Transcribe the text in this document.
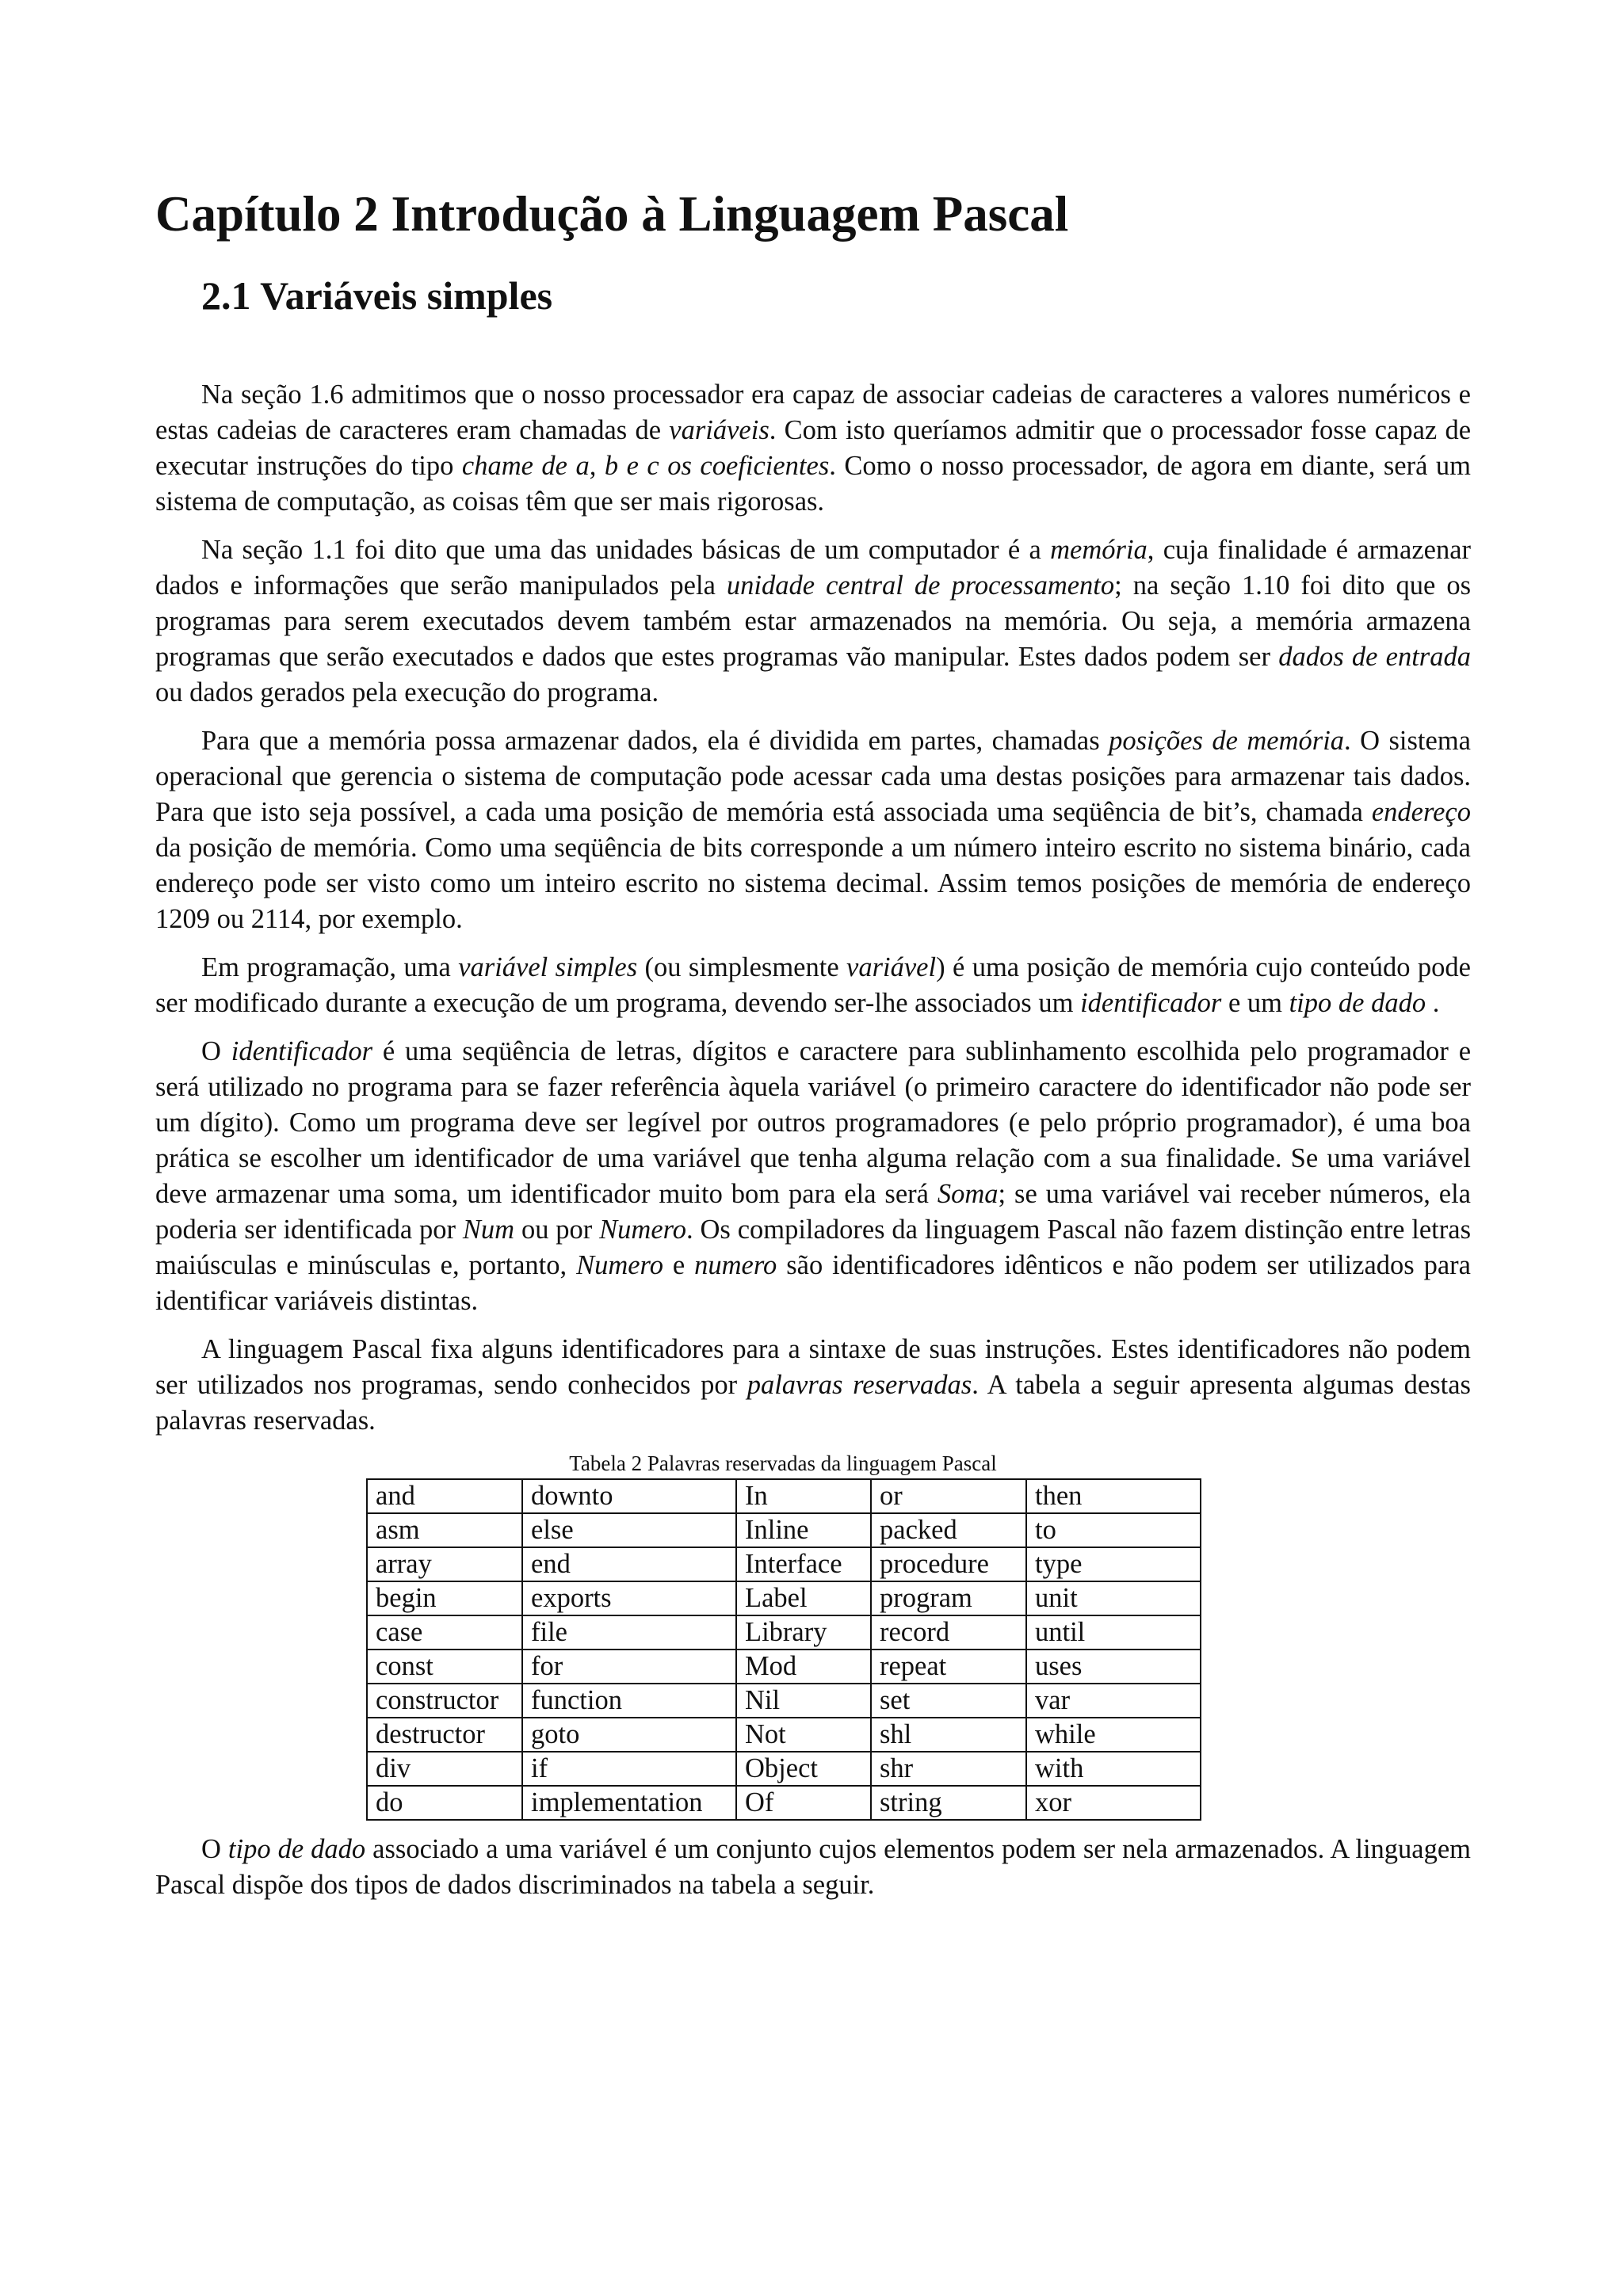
Capítulo 2 Introdução à Linguagem Pascal
2.1 Variáveis simples

Na seção 1.6 admitimos que o nosso processador era capaz de associar cadeias de caracteres a valores numéricos e estas cadeias de caracteres eram chamadas de variáveis. Com isto queríamos admitir que o processador fosse capaz de executar instruções do tipo chame de a, b e c os coeficientes. Como o nosso processador, de agora em diante, será um sistema de computação, as coisas têm que ser mais rigorosas.

Na seção 1.1 foi dito que uma das unidades básicas de um computador é a memória, cuja finalidade é armazenar dados e informações que serão manipulados pela unidade central de processamento; na seção 1.10 foi dito que os programas para serem executados devem também estar armazenados na memória. Ou seja, a memória armazena programas que serão executados e dados que estes programas vão manipular. Estes dados podem ser dados de entrada ou dados gerados pela execução do programa.

Para que a memória possa armazenar dados, ela é dividida em partes, chamadas posições de memória. O sistema operacional que gerencia o sistema de computação pode acessar cada uma destas posições para armazenar tais dados. Para que isto seja possível, a cada uma posição de memória está associada uma seqüência de bit’s, chamada endereço da posição de memória. Como uma seqüência de bits corresponde a um número inteiro escrito no sistema binário, cada endereço pode ser visto como um inteiro escrito no sistema decimal. Assim temos posições de memória de endereço 1209 ou 2114, por exemplo.

Em programação, uma variável simples (ou simplesmente variável) é uma posição de memória cujo conteúdo pode ser modificado durante a execução de um programa, devendo ser-lhe associados um identificador e um tipo de dado .

O identificador é uma seqüência de letras, dígitos e caractere para sublinhamento escolhida pelo programador e será utilizado no programa para se fazer referência àquela variável (o primeiro caractere do identificador não pode ser um dígito). Como um programa deve ser legível por outros programadores (e pelo próprio programador), é uma boa prática se escolher um identificador de uma variável que tenha alguma relação com a sua finalidade. Se uma variável deve armazenar uma soma, um identificador muito bom para ela será Soma; se uma variável vai receber números, ela poderia ser identificada por Num ou por Numero. Os compiladores da linguagem Pascal não fazem distinção entre letras maiúsculas e minúsculas e, portanto, Numero e numero são identificadores idênticos e não podem ser utilizados para identificar variáveis distintas.

A linguagem Pascal fixa alguns identificadores para a sintaxe de suas instruções. Estes identificadores não podem ser utilizados nos programas, sendo conhecidos por palavras reservadas. A tabela a seguir apresenta algumas destas palavras reservadas.

Tabela 2 Palavras reservadas da linguagem Pascal
and	downto	In	or	then
asm	else	Inline	packed	to
array	end	Interface	procedure	type
begin	exports	Label	program	unit
case	file	Library	record	until
const	for	Mod	repeat	uses
constructor	function	Nil	set	var
destructor	goto	Not	shl	while
div	if	Object	shr	with
do	implementation	Of	string	xor

O tipo de dado associado a uma variável é um conjunto cujos elementos podem ser nela armazenados. A linguagem Pascal dispõe dos tipos de dados discriminados na tabela a seguir.
